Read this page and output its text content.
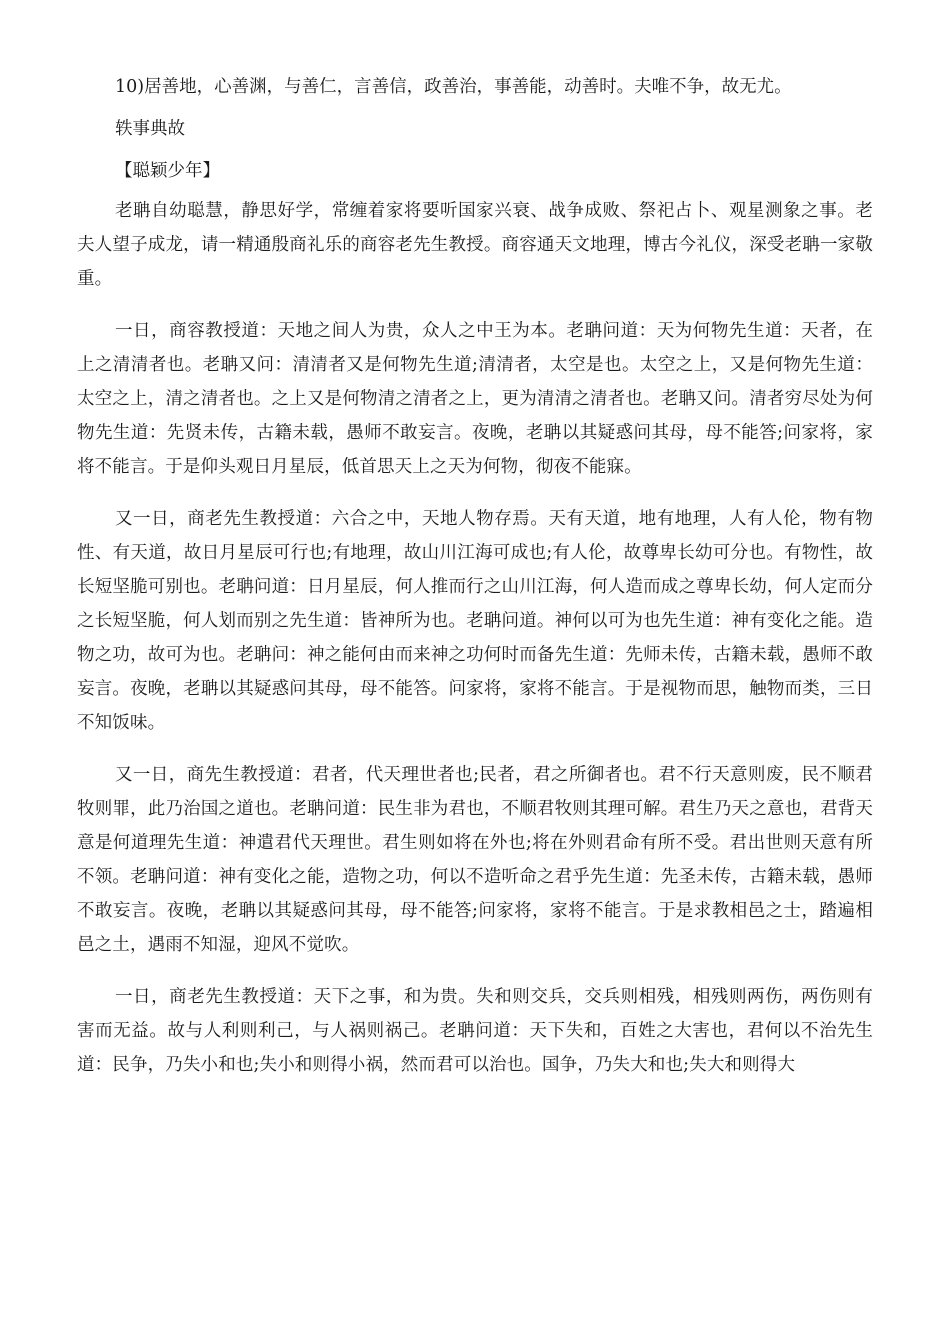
10)居善地，心善渊，与善仁，言善信，政善治，事善能，动善时。夫唯不争，故无尤。

轶事典故

【聪颖少年】

老聃自幼聪慧，静思好学，常缠着家将要听国家兴衰、战争成败、祭祀占卜、观星测象之事。老夫人望子成龙，请一精通殷商礼乐的商容老先生教授。商容通天文地理，博古今礼仪，深受老聃一家敬重。

一日，商容教授道：天地之间人为贵，众人之中王为本。老聃问道：天为何物先生道：天者，在上之清清者也。老聃又问：清清者又是何物先生道;清清者，太空是也。太空之上，又是何物先生道：太空之上，清之清者也。之上又是何物清之清者之上，更为清清之清者也。老聃又问。清者穷尽处为何物先生道：先贤未传，古籍未载，愚师不敢妄言。夜晚，老聃以其疑惑问其母，母不能答;问家将，家将不能言。于是仰头观日月星辰，低首思天上之天为何物，彻夜不能寐。

又一日，商老先生教授道：六合之中，天地人物存焉。天有天道，地有地理，人有人伦，物有物性、有天道，故日月星辰可行也;有地理，故山川江海可成也;有人伦，故尊卑长幼可分也。有物性，故长短坚脆可别也。老聃问道：日月星辰，何人推而行之山川江海，何人造而成之尊卑长幼，何人定而分之长短坚脆，何人划而别之先生道：皆神所为也。老聃问道。神何以可为也先生道：神有变化之能。造物之功，故可为也。老聃问：神之能何由而来神之功何时而备先生道：先师未传，古籍未载，愚师不敢妄言。夜晚，老聃以其疑惑问其母，母不能答。问家将，家将不能言。于是视物而思，触物而类，三日不知饭味。

又一日，商先生教授道：君者，代天理世者也;民者，君之所御者也。君不行天意则废，民不顺君牧则罪，此乃治国之道也。老聃问道：民生非为君也，不顺君牧则其理可解。君生乃天之意也，君背天意是何道理先生道：神遣君代天理世。君生则如将在外也;将在外则君命有所不受。君出世则天意有所不领。老聃问道：神有变化之能，造物之功，何以不造听命之君乎先生道：先圣未传，古籍未载，愚师不敢妄言。夜晚，老聃以其疑惑问其母，母不能答;问家将，家将不能言。于是求教相邑之士，踏遍相邑之土，遇雨不知湿，迎风不觉吹。

一日，商老先生教授道：天下之事，和为贵。失和则交兵，交兵则相残，相残则两伤，两伤则有害而无益。故与人利则利己，与人祸则祸己。老聃问道：天下失和，百姓之大害也，君何以不治先生道：民争，乃失小和也;失小和则得小祸，然而君可以治也。国争，乃失大和也;失大和则得大
